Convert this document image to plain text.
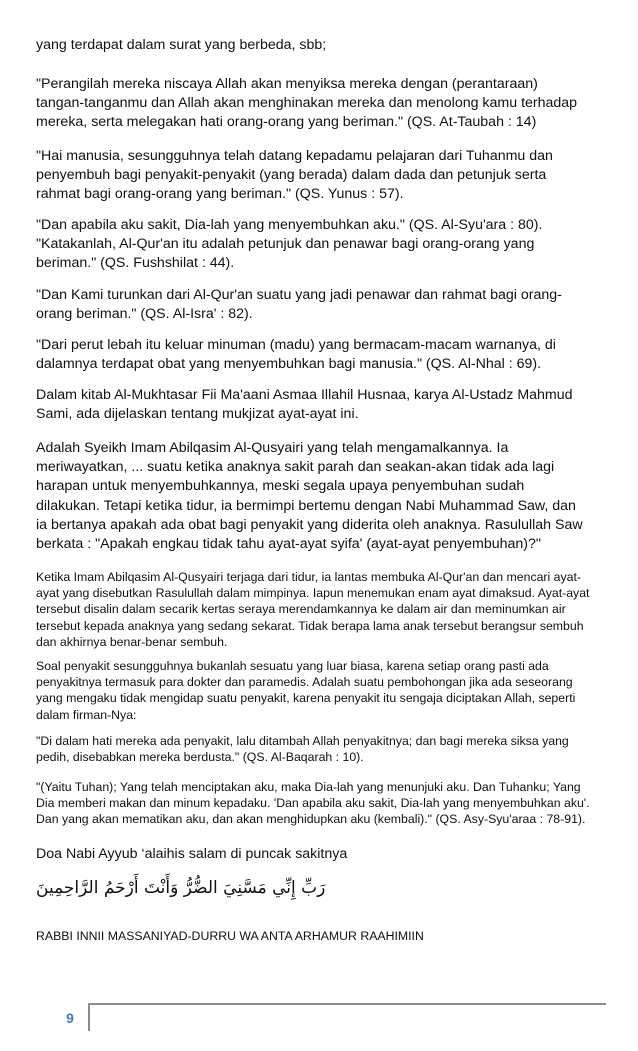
yang terdapat dalam surat yang berbeda, sbb;

"Perangilah mereka niscaya Allah akan menyiksa mereka dengan (perantaraan)
tangan-tanganmu dan Allah akan menghinakan mereka dan menolong kamu terhadap
mereka, serta melegakan hati orang-orang yang beriman." (QS. At-Taubah : 14)

"Hai manusia, sesungguhnya telah datang kepadamu pelajaran dari Tuhanmu dan
penyembuh bagi penyakit-penyakit (yang berada) dalam dada dan petunjuk serta
rahmat bagi orang-orang yang beriman." (QS. Yunus : 57).

"Dan apabila aku sakit, Dia-lah yang menyembuhkan aku." (QS. Al-Syu'ara : 80).
"Katakanlah, Al-Qur'an itu adalah petunjuk dan penawar bagi orang-orang yang
beriman." (QS. Fushshilat : 44).

"Dan Kami turunkan dari Al-Qur'an suatu yang jadi penawar dan rahmat bagi orang-
orang beriman." (QS. Al-Isra' : 82).

"Dari perut lebah itu keluar minuman (madu) yang bermacam-macam warnanya, di
dalamnya terdapat obat yang menyembuhkan bagi manusia." (QS. Al-Nhal : 69).

Dalam kitab Al-Mukhtasar Fii Ma'aani Asmaa Illahil Husnaa, karya Al-Ustadz Mahmud
Sami, ada dijelaskan tentang mukjizat ayat-ayat ini.

Adalah Syeikh Imam Abilqasim Al-Qusyairi yang telah mengamalkannya. Ia
meriwayatkan, ... suatu ketika anaknya sakit parah dan seakan-akan tidak ada lagi
harapan untuk menyembuhkannya, meski segala upaya penyembuhan sudah
dilakukan. Tetapi ketika tidur, ia bermimpi bertemu dengan Nabi Muhammad Saw, dan
ia bertanya apakah ada obat bagi penyakit yang diderita oleh anaknya. Rasulullah Saw
berkata : "Apakah engkau tidak tahu ayat-ayat syifa' (ayat-ayat penyembuhan)?"

Ketika Imam Abilqasim Al-Qusyairi terjaga dari tidur, ia lantas membuka Al-Qur'an dan mencari ayat-
ayat yang disebutkan Rasulullah dalam mimpinya. Iapun menemukan enam ayat dimaksud. Ayat-ayat
tersebut disalin dalam secarik kertas seraya merendamkannya ke dalam air dan meminumkan air
tersebut kepada anaknya yang sedang sekarat. Tidak berapa lama anak tersebut berangsur sembuh
dan akhirnya benar-benar sembuh.

Soal penyakit sesungguhnya bukanlah sesuatu yang luar biasa, karena setiap orang pasti ada
penyakitnya termasuk para dokter dan paramedis. Adalah suatu pembohongan jika ada seseorang
yang mengaku tidak mengidap suatu penyakit, karena penyakit itu sengaja diciptakan Allah, seperti
dalam firman-Nya:

"Di dalam hati mereka ada penyakit, lalu ditambah Allah penyakitnya; dan bagi mereka siksa yang
pedih, disebabkan mereka berdusta." (QS. Al-Baqarah : 10).

"(Yaitu Tuhan); Yang telah menciptakan aku, maka Dia-lah yang menunjuki aku. Dan Tuhanku; Yang
Dia memberi makan dan minum kepadaku. 'Dan apabila aku sakit, Dia-lah yang menyembuhkan aku'.
Dan yang akan mematikan aku, dan akan menghidupkan aku (kembali)." (QS. Asy-Syu'araa : 78-91).

Doa Nabi Ayyub ‘alaihis salam di puncak sakitnya

رَبِّ إِنِّي مَسَّنِيَ الضُّرُّ وَأَنْتَ أَرْحَمُ الرَّاحِمِينَ

RABBI INNII MASSANIYAD-DURRU WA ANTA ARHAMUR RAAHIMIIN

9
